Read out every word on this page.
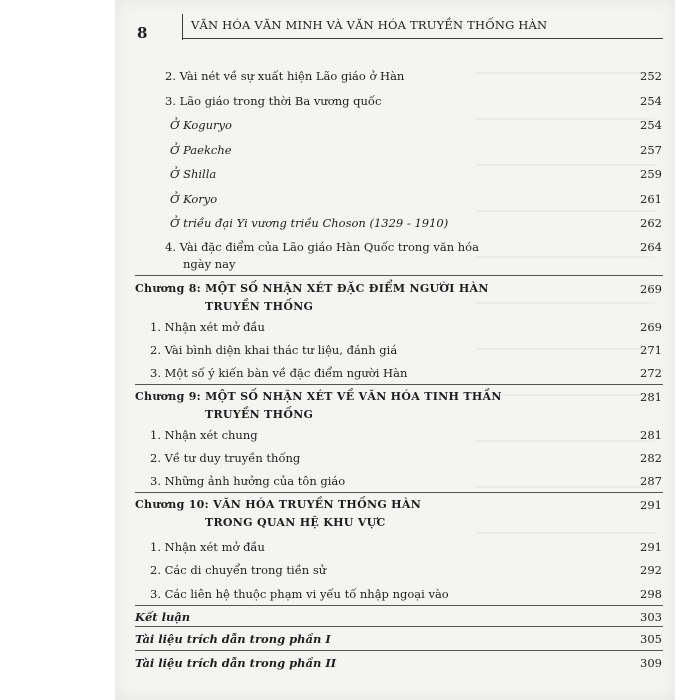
8	VĂN HÓA VĂN MINH VÀ VĂN HÓA TRUYỀN THỐNG HÀN
2. Vài nét về sự xuất hiện Lão giáo ở Hàn	252
3. Lão giáo trong thời Ba vương quốc	254
Ở Koguryo	254
Ở Paekche	257
Ở Shilla	259
Ở Koryo	261
Ở triều đại Yi vương triều Choson (1329 - 1910)	262
4. Vài đặc điểm của Lão giáo Hàn Quốc trong văn hóa	264
ngày nay
Chương 8: MỘT SỐ NHẬN XÉT ĐẶC ĐIỂM NGƯỜI HÀN	269
TRUYỀN THỐNG
1. Nhận xét mở đầu	269
2. Vài bình diện khai thác tư liệu, đánh giá	271
3. Một số ý kiến bàn về đặc điểm người Hàn	272
Chương 9: MỘT SỐ NHẬN XÉT VỀ VĂN HÓA TINH THẦN	281
TRUYỀN THỐNG
1. Nhận xét chung	281
2. Về tư duy truyền thống	282
3. Những ảnh hưởng của tôn giáo	287
Chương 10: VĂN HÓA TRUYỀN THỐNG HÀN	291
TRONG QUAN HỆ KHU VỰC
1. Nhận xét mở đầu	291
2. Các di chuyển trong tiền sử	292
3. Các liên hệ thuộc phạm vi yếu tố nhập ngoại vào	298
Kết luận	303
Tài liệu trích dẫn trong phần I	305
Tài liệu trích dẫn trong phần II	309
